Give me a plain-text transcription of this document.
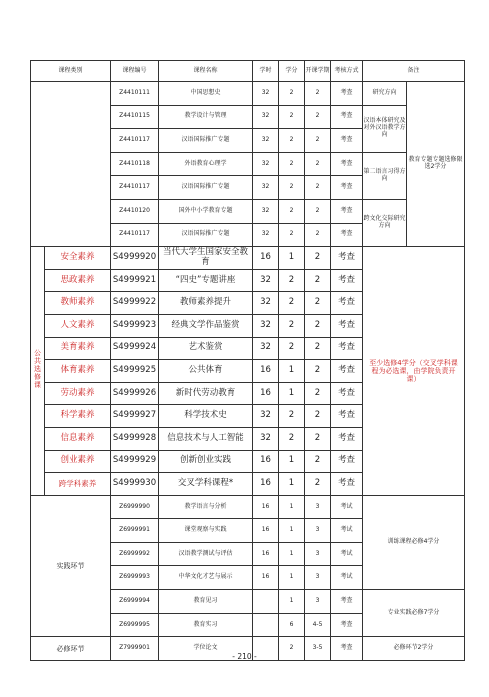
课程类别		课程编号	课程名称	学时	学分	开课学期	考核方式	备注	
		Z4410111	中国思想史	32	2	2	考查	研究方向	教育专题专题选修限选2学分
		Z4410115	教学设计与管理	32	2	2	考查	汉语本体研究及对外汉语教学方向	
		Z4410117	汉语国际推广专题	32	2	2	考查		
		Z4410118	外语教育心理学	32	2	2	考查	第二语言习得方向	
		Z4410117	汉语国际推广专题	32	2	2	考查		
		Z4410120	国外中小学教育专题	32	2	2	考查	跨文化交际研究方向	
		Z4410117	汉语国际推广专题	32	2	2	考查		
公共选修课	安全素养	S4999920	当代大学生国家安全教育	16	1	2	考查	至少选修4学分（交叉学科课程为必选课，由学院负责开课）	
	思政素养	S4999921	“四史”专题讲座	32	2	2	考查		
	教师素养	S4999922	教师素养提升	32	2	2	考查		
	人文素养	S4999923	经典文学作品鉴赏	32	2	2	考查		
	美育素养	S4999924	艺术鉴赏	32	2	2	考查		
	体育素养	S4999925	公共体育	16	1	2	考查		
	劳动素养	S4999926	新时代劳动教育	16	1	2	考查		
	科学素养	S4999927	科学技术史	32	2	2	考查		
	信息素养	S4999928	信息技术与人工智能	32	2	2	考查		
	创业素养	S4999929	创新创业实践	16	1	2	考查		
	跨学科素养	S4999930	交叉学科课程*	16	1	2	考查		
实践环节		Z6999990	教学语言与分析	16	1	3	考试	训练课程必修4学分	
		Z6999991	课堂观察与实践	16	1	3	考试		
		Z6999992	汉语教学测试与评估	16	1	3	考试		
		Z6999993	中华文化才艺与展示	16	1	3	考试		
		Z6999994	教育见习		1	3	考查	专业实践必修7学分	
		Z6999995	教育实习		6	4-5	考查		
必修环节		Z7999901	学位论文		2	3-5	考查	必修环节2学分	
- 210 -
